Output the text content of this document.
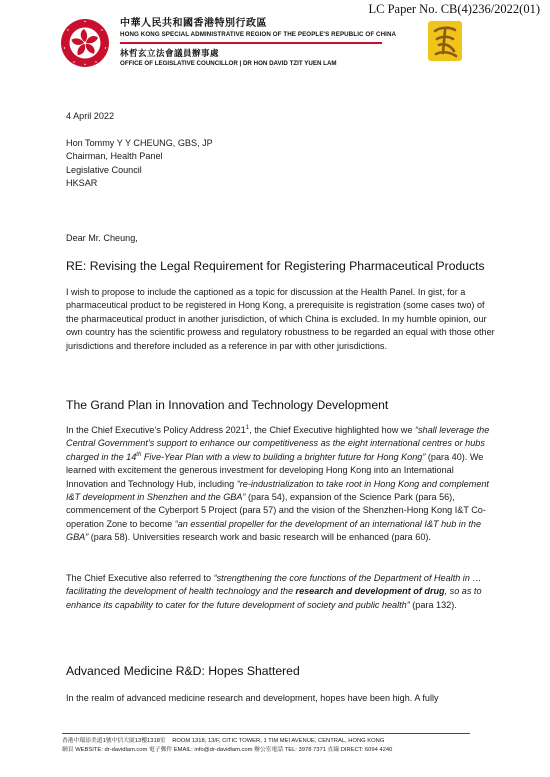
LC Paper No. CB(4)236/2022(01)
中華人民共和國香港特別行政區
HONG KONG SPECIAL ADMINISTRATIVE REGION OF THE PEOPLE'S REPUBLIC OF CHINA
林哲玄立法會議員辦事處
OFFICE OF LEGISLATIVE COUNCILLOR | DR HON DAVID TZIT YUEN LAM
4 April 2022
Hon Tommy Y Y CHEUNG, GBS, JP
Chairman, Health Panel
Legislative Council
HKSAR
Dear Mr. Cheung,
RE: Revising the Legal Requirement for Registering Pharmaceutical Products
I wish to propose to include the captioned as a topic for discussion at the Health Panel. In gist, for a pharmaceutical product to be registered in Hong Kong, a prerequisite is registration (some cases two) of the pharmaceutical product in another jurisdiction, of which China is excluded. In my humble opinion, our own country has the scientific prowess and regulatory robustness to be regarded an equal with those other jurisdictions and therefore included as a reference in par with other jurisdictions.
The Grand Plan in Innovation and Technology Development
In the Chief Executive’s Policy Address 2021$^1$, the Chief Executive highlighted how we “shall leverage the Central Government’s support to enhance our competitiveness as the eight international centres or hubs charged in the 14th Five-Year Plan with a view to building a brighter future for Hong Kong” (para 40). We learned with excitement the generous investment for developing Hong Kong into an International Innovation and Technology Hub, including “re-industrialization to take root in Hong Kong and complement I&T development in Shenzhen and the GBA” (para 54), expansion of the Science Park (para 56), commencement of the Cyberport 5 Project (para 57) and the vision of the Shenzhen-Hong Kong I&T Co-operation Zone to become “an essential propeller for the development of an international I&T hub in the GBA” (para 58). Universities research work and basic research will be enhanced (para 60).
The Chief Executive also referred to “strengthening the core functions of the Department of Health in … facilitating the development of health technology and the research and development of drug, so as to enhance its capability to cater for the future development of society and public health” (para 132).
Advanced Medicine R&D: Hopes Shattered
In the realm of advanced medicine research and development, hopes have been high. A fully
香港中環添美道1號中信大廈13樓1318室 ROOM 1318, 13/F, CITIC TOWER, 1 TIM MEI AVENUE, CENTRAL, HONG KONG
網頁 WEBSITE: dr-davidlam.com 電子郵件 EMAIL: info@dr-davidlam.com 辦公室電話 TEL: 3978 7371 直線 DIRECT: 6094 4240
